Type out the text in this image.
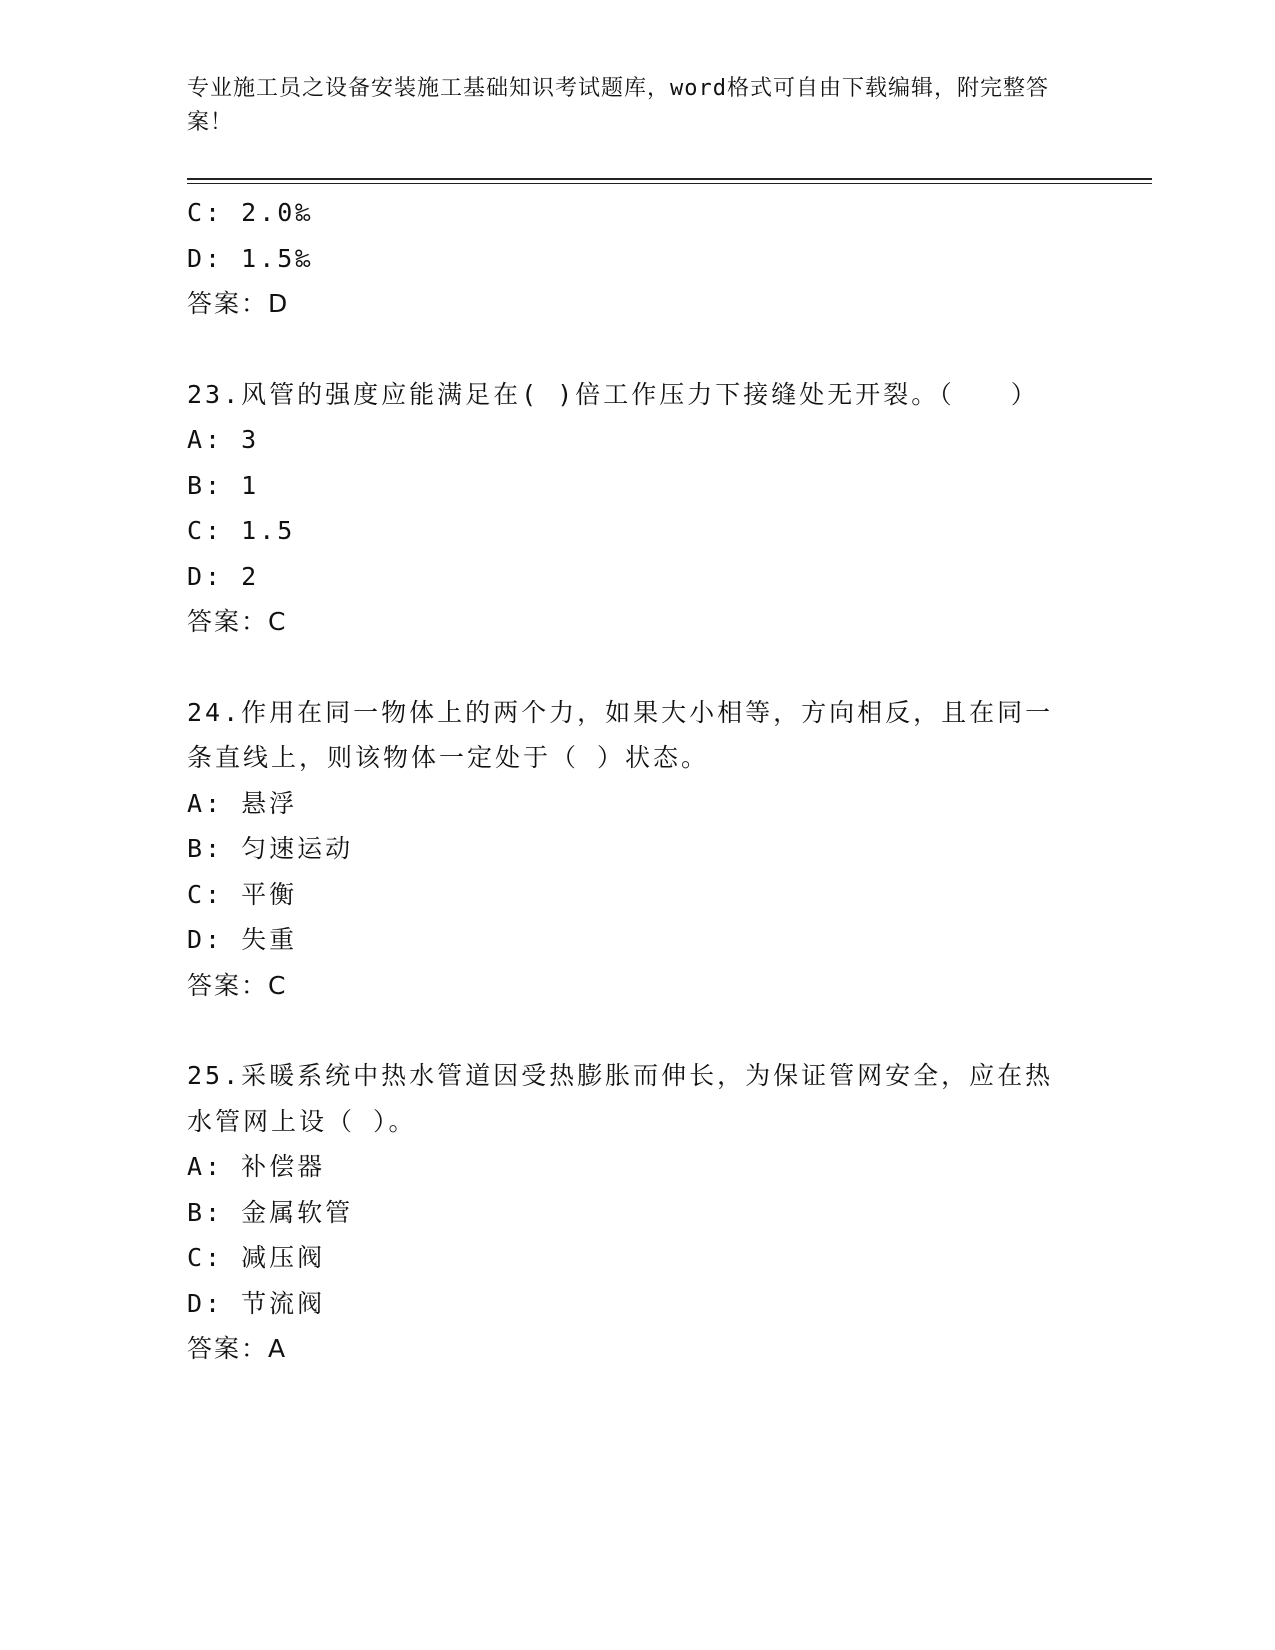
专业施工员之设备安装施工基础知识考试题库，word格式可自由下载编辑，附完整答案！
C: 2.0‰
D: 1.5‰
答案：D
23.风管的强度应能满足在( )倍工作压力下接缝处无开裂。（　　）
A: 3
B: 1
C: 1.5
D: 2
答案：C
24.作用在同一物体上的两个力，如果大小相等，方向相反，且在同一条直线上，则该物体一定处于（ ）状态。
A: 悬浮
B: 匀速运动
C: 平衡
D: 失重
答案：C
25.采暖系统中热水管道因受热膨胀而伸长，为保证管网安全，应在热水管网上设（ ）。
A: 补偿器
B: 金属软管
C: 减压阀
D: 节流阀
答案：A
